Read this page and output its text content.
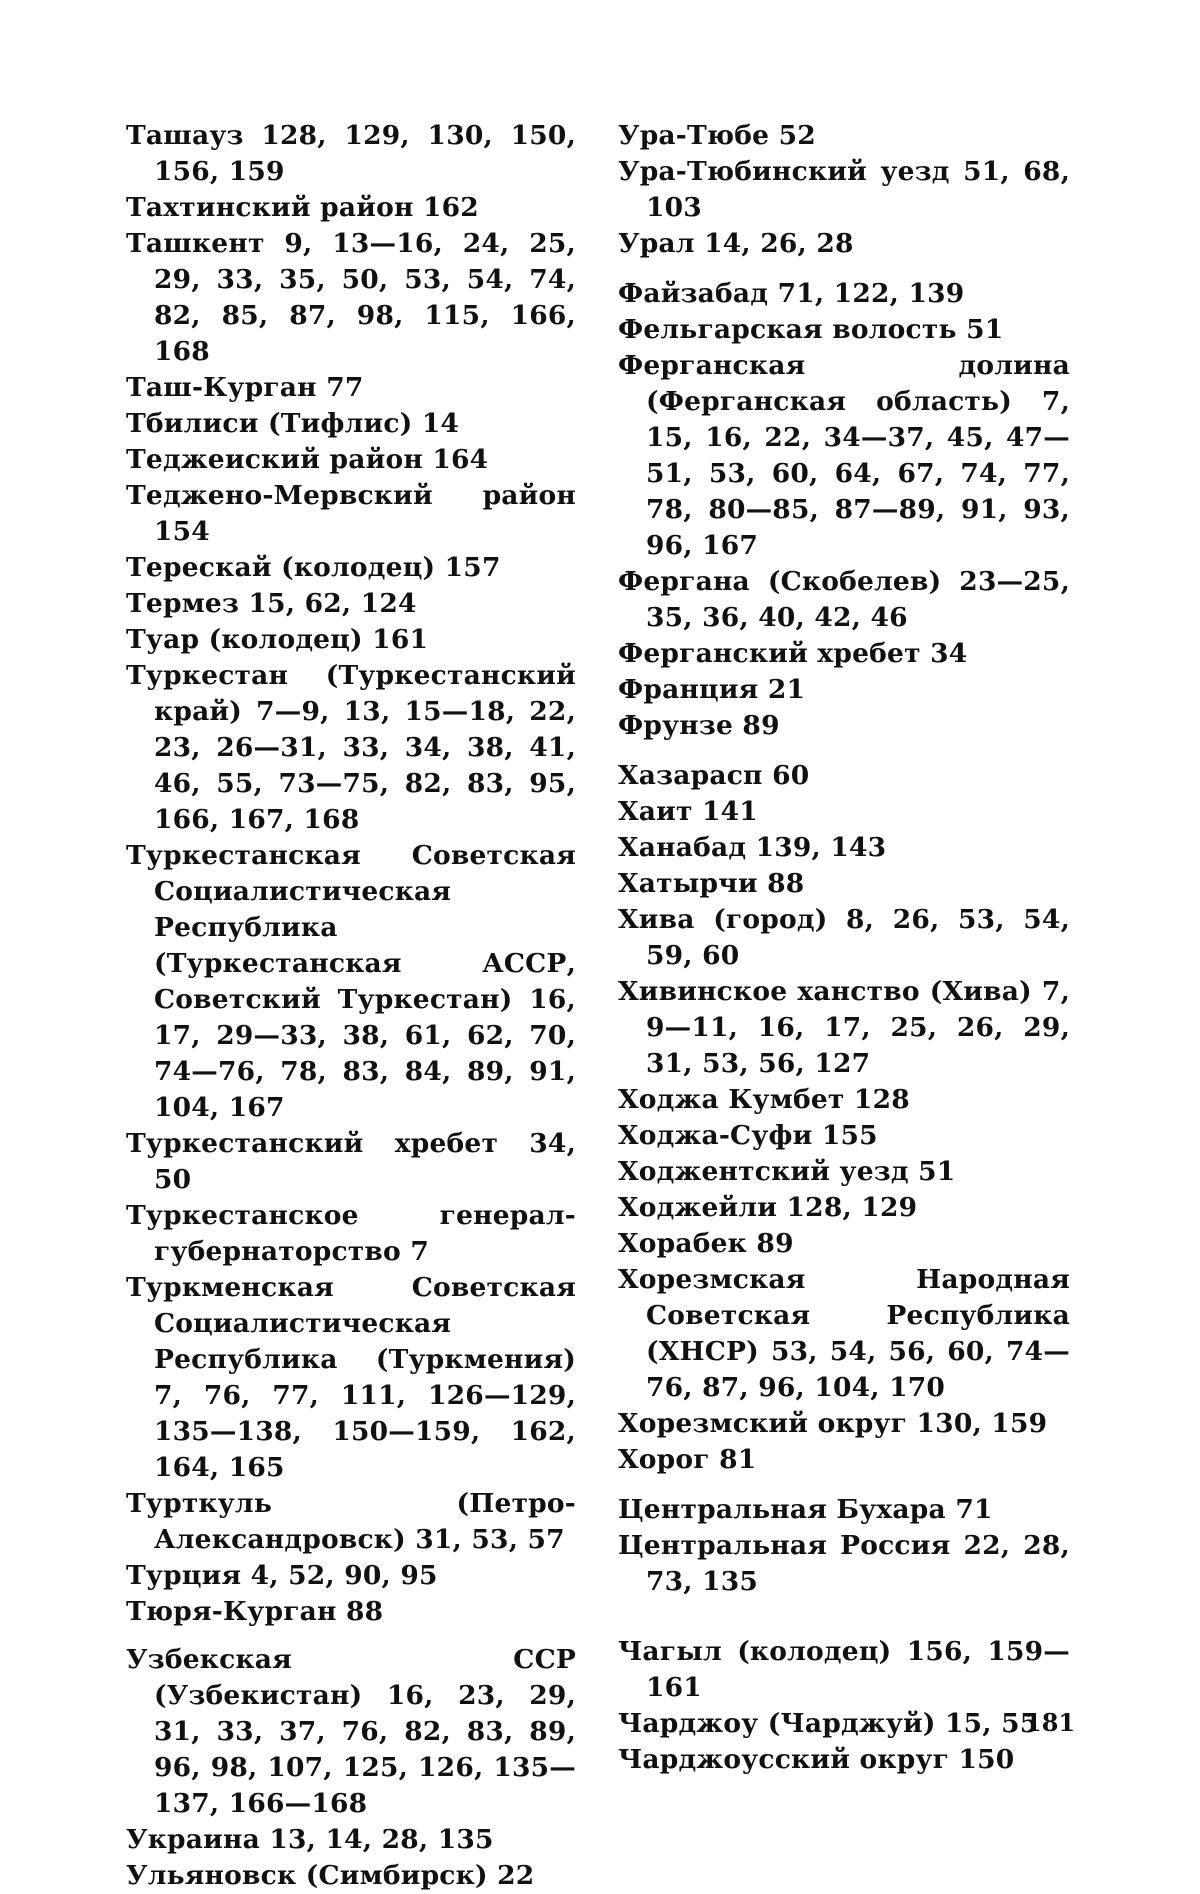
Ташауз 128, 129, 130, 150, 156, 159

Тахтинский район 162

Ташкент 9, 13—16, 24, 25, 29, 33, 35, 50, 53, 54, 74, 82, 85, 87, 98, 115, 166, 168

Таш-Курган 77

Тбилиси (Тифлис) 14

Теджеиский район 164

Теджено-Мервский район 154

Терескай (колодец) 157

Термез 15, 62, 124

Туар (колодец) 161

Туркестан (Туркестанский край) 7—9, 13, 15—18, 22, 23, 26—31, 33, 34, 38, 41, 46, 55, 73—75, 82, 83, 95, 166, 167, 168

Туркестанская Советская Социалистическая Республика (Туркестанская АССР, Советский Туркестан) 16, 17, 29—33, 38, 61, 62, 70, 74—76, 78, 83, 84, 89, 91, 104, 167

Туркестанский хребет 34, 50

Туркестанское генерал-губернаторство 7

Туркменская Советская Социалистическая Республика (Туркмения) 7, 76, 77, 111, 126—129, 135—138, 150—159, 162, 164, 165

Турткуль (Петро-Александровск) 31, 53, 57

Турция 4, 52, 90, 95

Тюря-Курган 88

Узбекская ССР (Узбекистан) 16, 23, 29, 31, 33, 37, 76, 82, 83, 89, 96, 98, 107, 125, 126, 135—137, 166—168

Украина 13, 14, 28, 135

Ульяновск (Симбирск) 22

Ура-Тюбе 52

Ура-Тюбинский уезд 51, 68, 103

Урал 14, 26, 28

Файзабад 71, 122, 139

Фельгарская волость 51

Ферганская долина (Ферганская область) 7, 15, 16, 22, 34—37, 45, 47—51, 53, 60, 64, 67, 74, 77, 78, 80—85, 87—89, 91, 93, 96, 167

Фергана (Скобелев) 23—25, 35, 36, 40, 42, 46

Ферганский хребет 34

Франция 21

Фрунзе 89

Хазарасп 60

Хаит 141

Ханабад 139, 143

Хатырчи 88

Хива (город) 8, 26, 53, 54, 59, 60

Хивинское ханство (Хива) 7, 9—11, 16, 17, 25, 26, 29, 31, 53, 56, 127

Ходжа Кумбет 128

Ходжа-Суфи 155

Ходжентский уезд 51

Ходжейли 128, 129

Хорабек 89

Хорезмская Народная Советская Республика (ХНСР) 53, 54, 56, 60, 74—76, 87, 96, 104, 170

Хорезмский округ 130, 159

Хорог 81

Центральная Бухара 71

Центральная Россия 22, 28, 73, 135

Чагыл (колодец) 156, 159—161

Чарджоу (Чарджуй) 15, 55

Чарджоусский округ 150

181
